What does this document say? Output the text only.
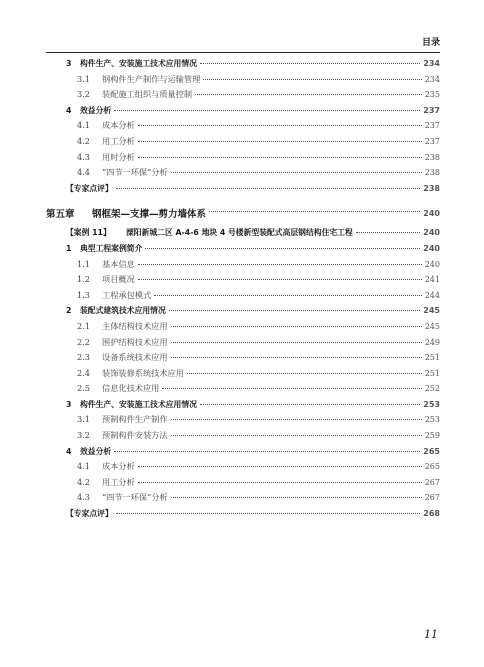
目录
3	构件生产、安装施工技术应用情况	234
3.1	钢构件生产制作与运输管理	234
3.2	装配施工组织与质量控制	235
4	效益分析	237
4.1	成本分析	237
4.2	用工分析	237
4.3	用时分析	238
4.4	“四节一环保”分析	238
【专家点评】	238
第五章	钢框架—支撑—剪力墙体系	240
【案例 11】	溧阳新城二区 A-4-6 地块 4 号楼新型装配式高层钢结构住宅工程	240
1	典型工程案例简介	240
1.1	基本信息	240
1.2	项目概况	241
1.3	工程承包模式	244
2	装配式建筑技术应用情况	245
2.1	主体结构技术应用	245
2.2	围护结构技术应用	249
2.3	设备系统技术应用	251
2.4	装饰装修系统技术应用	251
2.5	信息化技术应用	252
3	构件生产、安装施工技术应用情况	253
3.1	预制构件生产制作	253
3.2	预制构件安装方法	259
4	效益分析	265
4.1	成本分析	265
4.2	用工分析	267
4.3	“四节一环保”分析	267
【专家点评】	268
11
